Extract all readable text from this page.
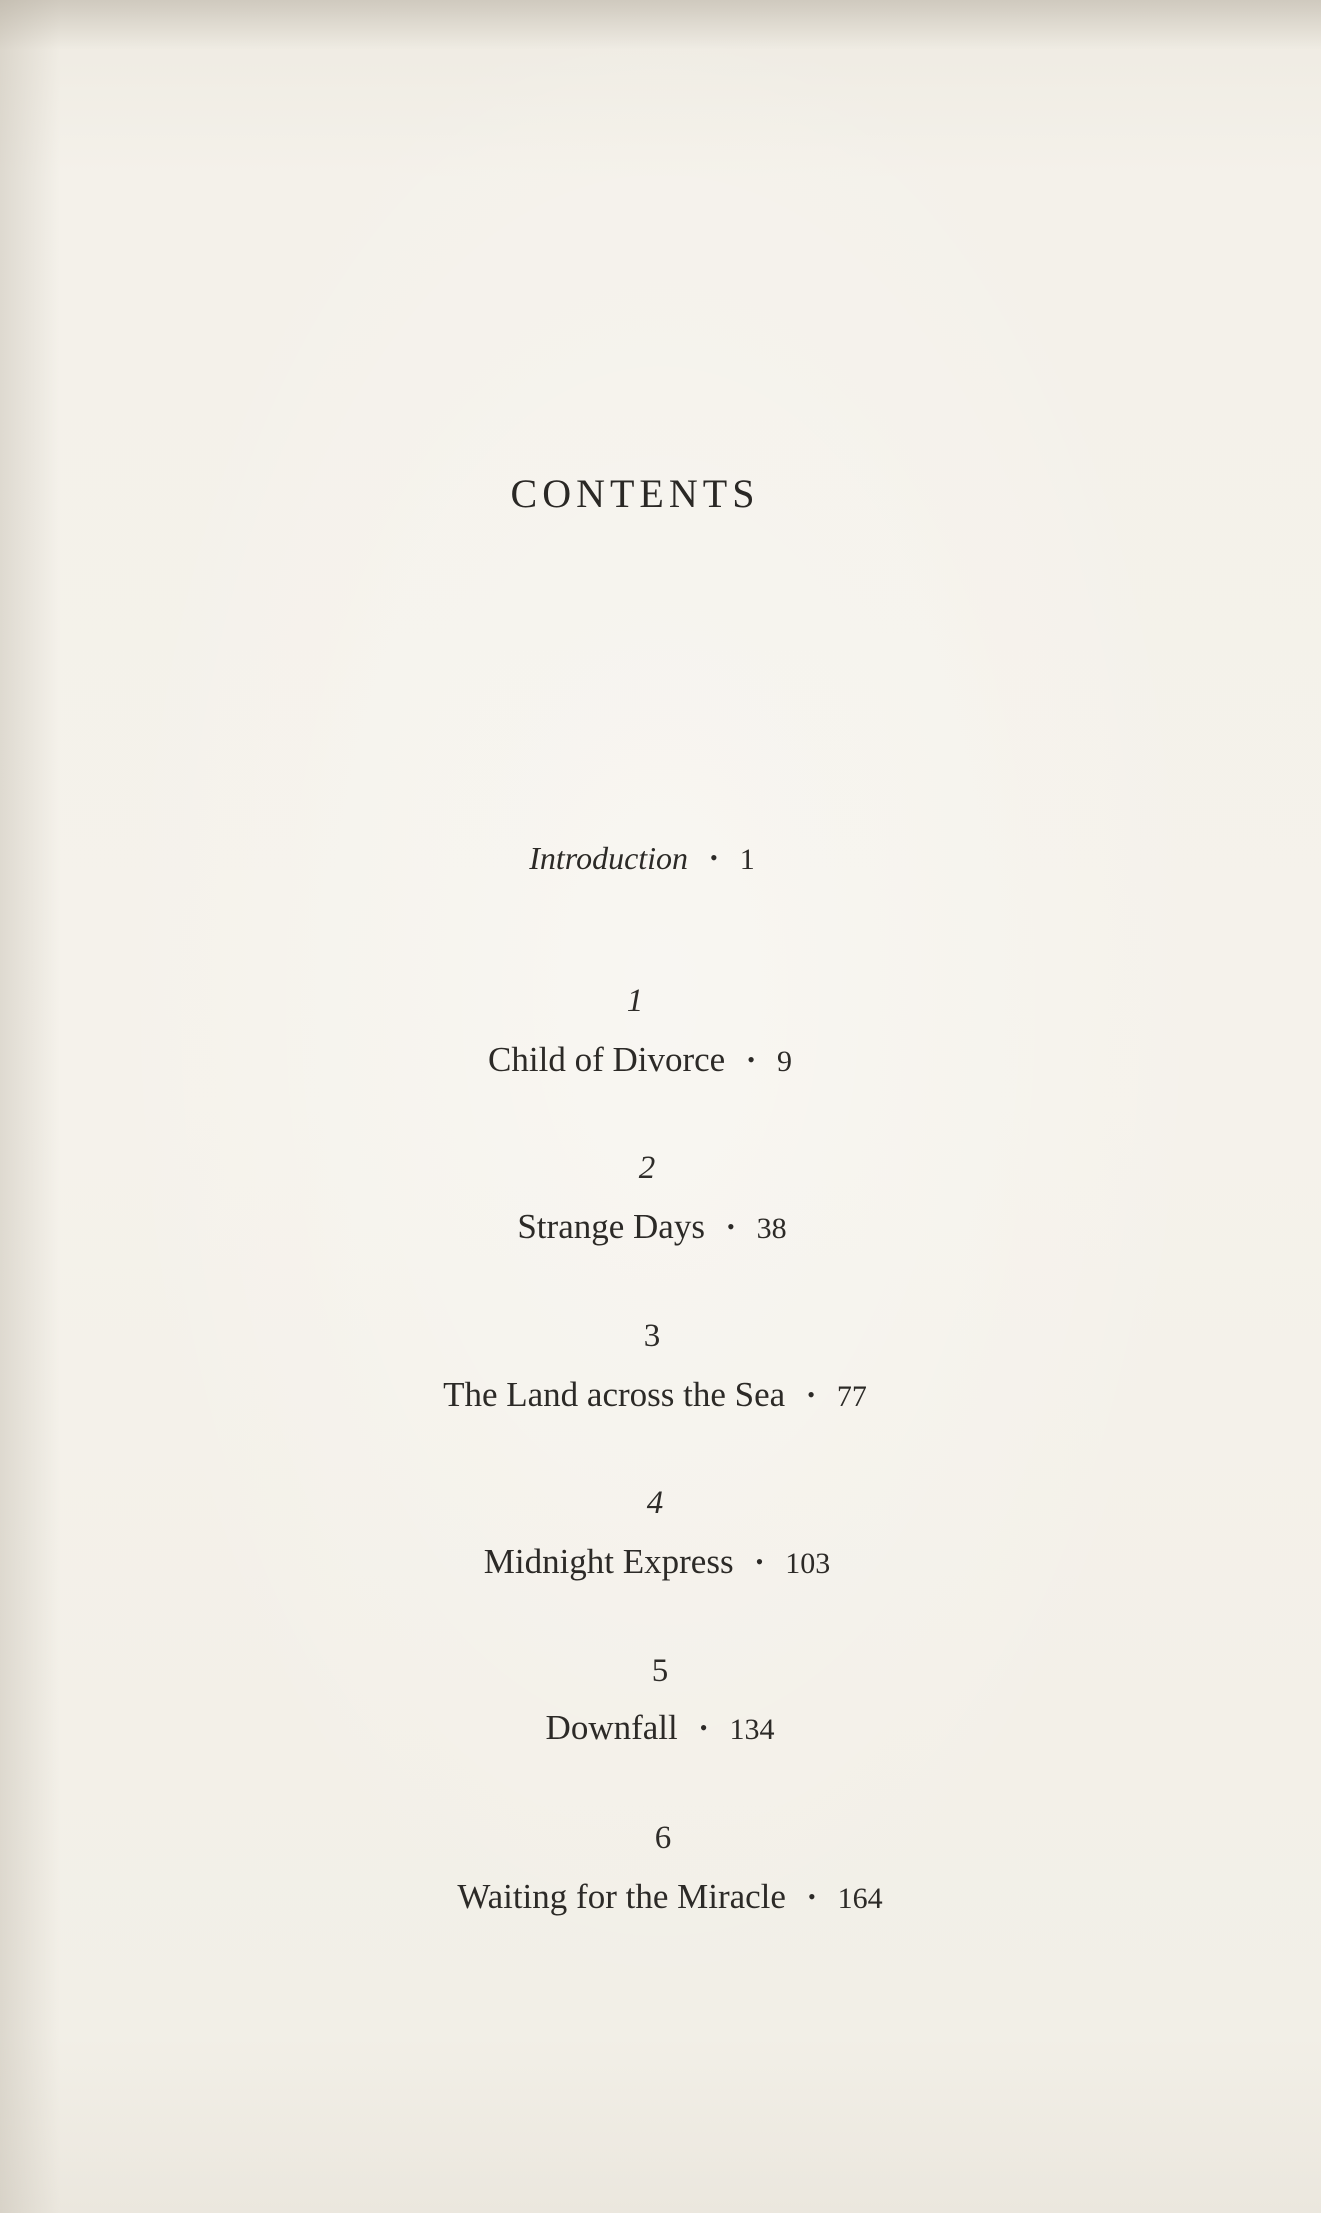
CONTENTS
Introduction • 1
1
Child of Divorce • 9
2
Strange Days • 38
3
The Land across the Sea • 77
4
Midnight Express • 103
5
Downfall • 134
6
Waiting for the Miracle • 164
